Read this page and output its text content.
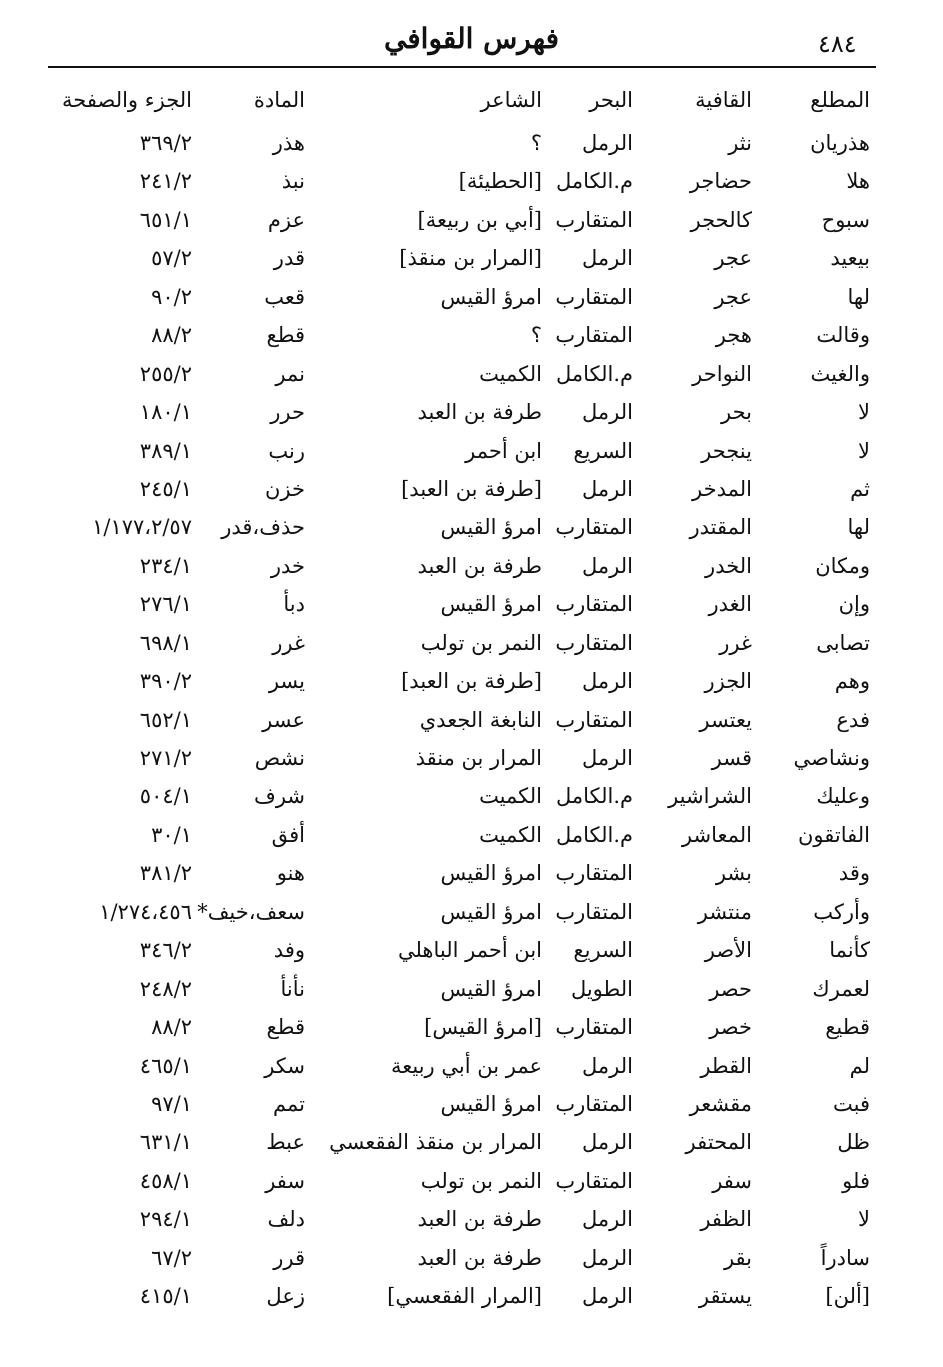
٤٨٤
فهرس القوافي
المطلع
القافية
البحر
الشاعر
المادة
الجزء والصفحة
هذريان
نثر
الرمل
؟
هذر
٣٦٩/٢
هلا
حضاجر
م.الكامل
[الحطيئة]
نبذ
٢٤١/٢
سبوح
كالحجر
المتقارب
[أبي بن ربيعة]
عزم
٦٥١/١
بيعيد
عجر
الرمل
[المرار بن منقذ]
قدر
٥٧/٢
لها
عجر
المتقارب
امرؤ القيس
قعب
٩٠/٢
وقالت
هجر
المتقارب
؟
قطع
٨٨/٢
والغيث
النواحر
م.الكامل
الكميت
نمر
٢٥٥/٢
لا
بحر
الرمل
طرفة بن العبد
حرر
١٨٠/١
لا
ينجحر
السريع
ابن أحمر
رنب
٣٨٩/١
ثم
المدخر
الرمل
[طرفة بن العبد]
خزن
٢٤٥/١
لها
المقتدر
المتقارب
امرؤ القيس
حذف،قدر
١/١٧٧،٢/٥٧
ومكان
الخدر
الرمل
طرفة بن العبد
خدر
٢٣٤/١
وإن
الغدر
المتقارب
امرؤ القيس
دبأ
٢٧٦/١
تصابى
غرر
المتقارب
النمر بن تولب
غرر
٦٩٨/١
وهم
الجزر
الرمل
[طرفة بن العبد]
يسر
٣٩٠/٢
فدع
يعتسر
المتقارب
النابغة الجعدي
عسر
٦٥٢/١
ونشاصي
قسر
الرمل
المرار بن منقذ
نشص
٢٧١/٢
وعليك
الشراشير
م.الكامل
الكميت
شرف
٥٠٤/١
الفاتقون
المعاشر
م.الكامل
الكميت
أفق
٣٠/١
وقد
بشر
المتقارب
امرؤ القيس
هنو
٣٨١/٢
وأركب
منتشر
المتقارب
امرؤ القيس
سعف،خيف*
١/٢٧٤،٤٥٦
كأنما
الأصر
السريع
ابن أحمر الباهلي
وفد
٣٤٦/٢
لعمرك
حصر
الطويل
امرؤ القيس
نأنأ
٢٤٨/٢
قطيع
خصر
المتقارب
[امرؤ القيس]
قطع
٨٨/٢
لم
القطر
الرمل
عمر بن أبي ربيعة
سكر
٤٦٥/١
فبت
مقشعر
المتقارب
امرؤ القيس
تمم
٩٧/١
ظل
المحتفر
الرمل
المرار بن منقذ الفقعسي
عبط
٦٣١/١
فلو
سفر
المتقارب
النمر بن تولب
سفر
٤٥٨/١
لا
الظفر
الرمل
طرفة بن العبد
دلف
٢٩٤/١
سادراً
بقر
الرمل
طرفة بن العبد
قرر
٦٧/٢
[ألن]
يستقر
الرمل
[المرار الفقعسي]
زعل
٤١٥/١
